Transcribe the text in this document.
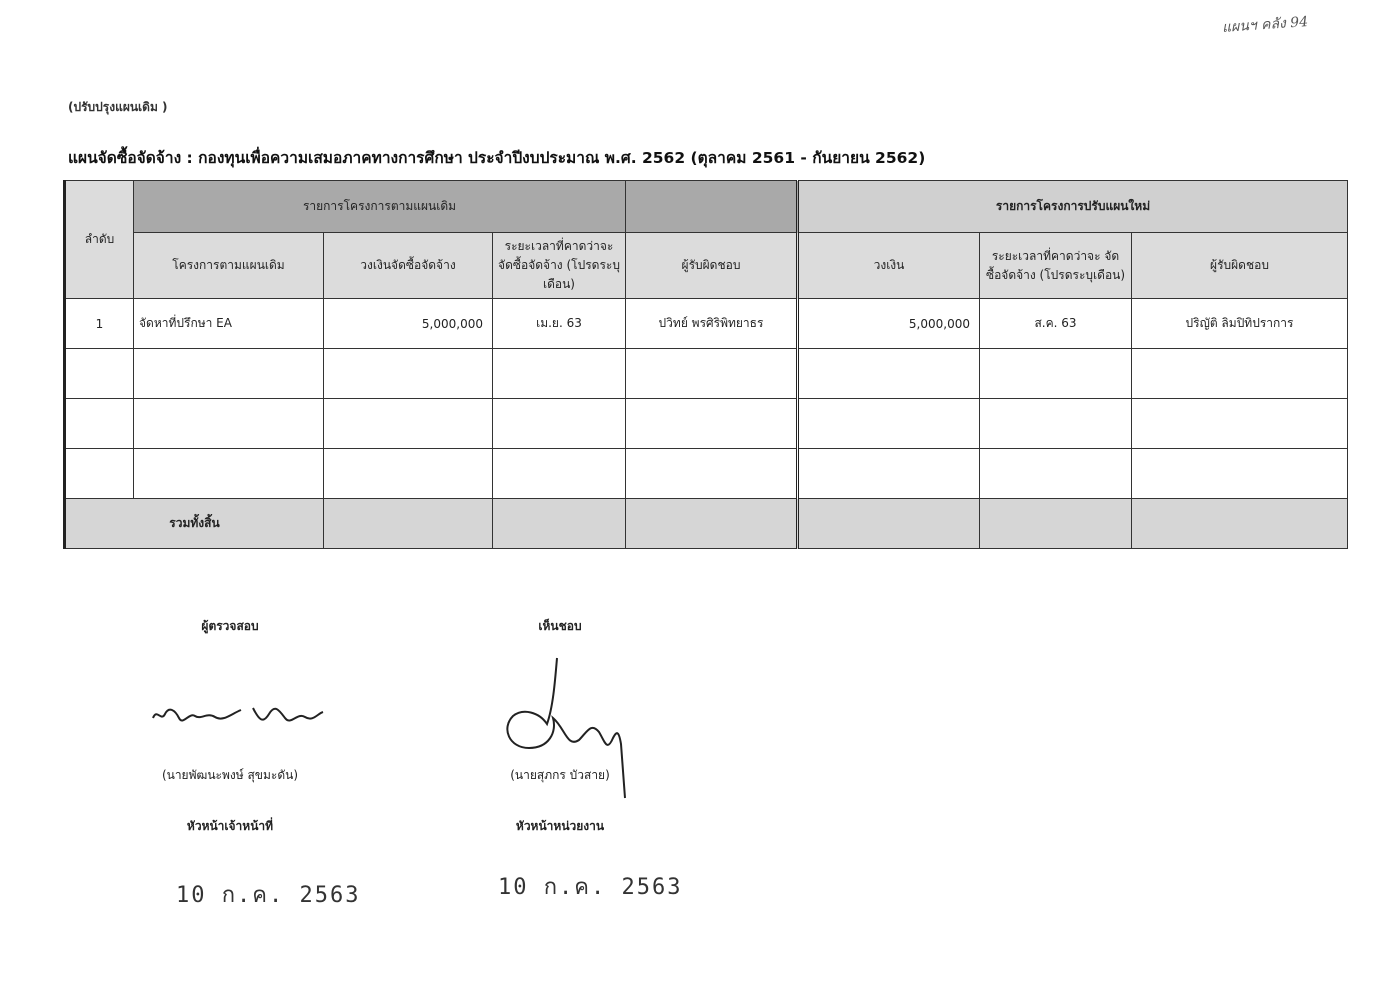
แผนฯ คลัง 94
(ปรับปรุงแผนเดิม )
แผนจัดซื้อจัดจ้าง : กองทุนเพื่อความเสมอภาคทางการศึกษา ประจำปีงบประมาณ พ.ศ. 2562 (ตุลาคม 2561 - กันยายน 2562)
ลำดับ	รายการโครงการตามแผนเดิม				รายการโครงการปรับแผนใหม่		
	โครงการตามแผนเดิม	วงเงินจัดซื้อจัดจ้าง	ระยะเวลาที่คาดว่าจะ จัดซื้อจัดจ้าง (โปรดระบุเดือน)	ผู้รับผิดชอบ	วงเงิน	ระยะเวลาที่คาดว่าจะ จัดซื้อจัดจ้าง (โปรดระบุเดือน)	ผู้รับผิดชอบ
1	จัดหาที่ปรึกษา EA	5,000,000	เม.ย. 63	ปวิทย์ พรศิริพิทยาธร	5,000,000	ส.ค. 63	ปริญัติ ลิมปิทิปราการ

รวมทั้งสิ้น							
ผู้ตรวจสอบ
(นายพัฒนะพงษ์ สุขมะดัน)
หัวหน้าเจ้าหน้าที่
10 ก.ค. 2563
เห็นชอบ
(นายสุภกร บัวสาย)
หัวหน้าหน่วยงาน
10 ก.ค. 2563
